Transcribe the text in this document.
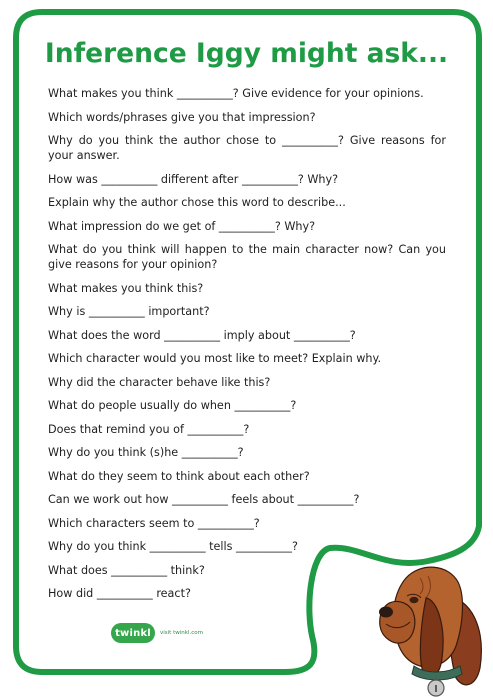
Inference Iggy might ask...
What makes you think __________? Give evidence for your opinions.
Which words/phrases give you that impression?
Why do you think the author chose to __________? Give reasons for your answer.
How was __________ different after __________? Why?
Explain why the author chose this word to describe...
What impression do we get of __________? Why?
What do you think will happen to the main character now? Can you give reasons for your opinion?
What makes you think this?
Why is __________ important?
What does the word __________ imply about __________?
Which character would you most like to meet? Explain why.
Why did the character behave like this?
What do people usually do when __________?
Does that remind you of __________?
Why do you think (s)he __________?
What do they seem to think about each other?
Can we work out how __________ feels about __________?
Which characters seem to __________?
Why do you think __________ tells __________?
What does __________ think?
How did __________ react?
twinkl	visit twinkl.com
I
